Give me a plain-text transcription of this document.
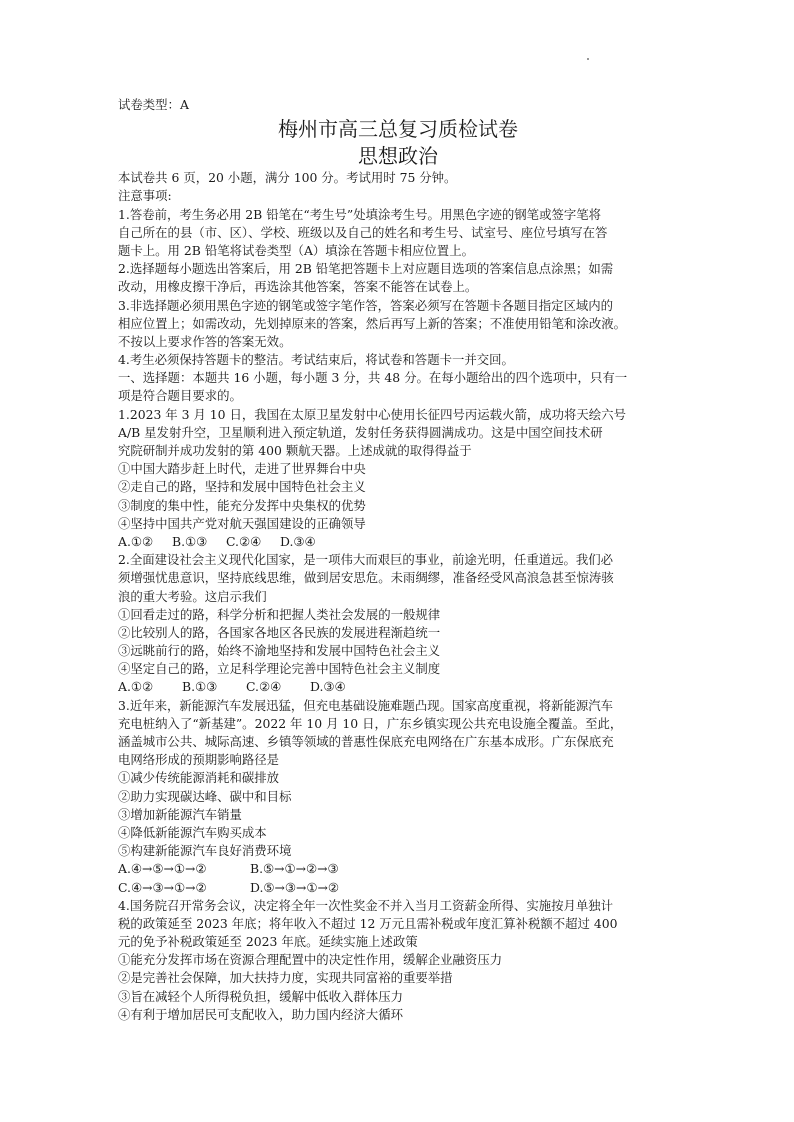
试卷类型：A
梅州市高三总复习质检试卷
思想政治
本试卷共 6 页，20 小题，满分 100 分。考试用时 75 分钟。
注意事项:
1.答卷前，考生务必用 2B 铅笔在“考生号”处填涂考生号。用黑色字迹的钢笔或签字笔将
自己所在的县（市、区）、学校、班级以及自己的姓名和考生号、试室号、座位号填写在答
题卡上。用 2B 铅笔将试卷类型（A）填涂在答题卡相应位置上。
2.选择题每小题选出答案后，用 2B 铅笔把答题卡上对应题目选项的答案信息点涂黑；如需
改动，用橡皮擦干净后，再选涂其他答案，答案不能答在试卷上。
3.非选择题必须用黑色字迹的钢笔或签字笔作答，答案必须写在答题卡各题目指定区域内的
相应位置上；如需改动，先划掉原来的答案，然后再写上新的答案；不准使用铅笔和涂改液。
不按以上要求作答的答案无效。
4.考生必须保持答题卡的整洁。考试结束后，将试卷和答题卡一并交回。
一、选择题：本题共 16 小题，每小题 3 分，共 48 分。在每小题给出的四个选项中，只有一
项是符合题目要求的。
1.2023 年 3 月 10 日，我国在太原卫星发射中心使用长征四号丙运载火箭，成功将天绘六号
A/B 星发射升空，卫星顺利进入预定轨道，发射任务获得圆满成功。这是中国空间技术研
究院研制并成功发射的第 400 颗航天器。上述成就的取得得益于
①中国大踏步赶上时代，走进了世界舞台中央
②走自己的路，坚持和发展中国特色社会主义
③制度的集中性，能充分发挥中央集权的优势
④坚持中国共产党对航天强国建设的正确领导
A.①② B.①③ C.②④ D.③④
2.全面建设社会主义现代化国家，是一项伟大而艰巨的事业，前途光明，任重道远。我们必
须增强忧患意识，坚持底线思维，做到居安思危。未雨绸缪，准备经受风高浪急甚至惊涛骇
浪的重大考验。这启示我们
①回看走过的路，科学分析和把握人类社会发展的一般规律
②比较别人的路，各国家各地区各民族的发展进程渐趋统一
③远眺前行的路，始终不渝地坚持和发展中国特色社会主义
④坚定自己的路，立足科学理论完善中国特色社会主义制度
A.①② B.①③ C.②④ D.③④
3.近年来，新能源汽车发展迅猛，但充电基础设施难题凸现。国家高度重视，将新能源汽车
充电桩纳入了“新基建”。2022 年 10 月 10 日，广东乡镇实现公共充电设施全覆盖。至此，
涵盖城市公共、城际高速、乡镇等领域的普惠性保底充电网络在广东基本成形。广东保底充
电网络形成的预期影响路径是
①减少传统能源消耗和碳排放
②助力实现碳达峰、碳中和目标
③增加新能源汽车销量
④降低新能源汽车购买成本
⑤构建新能源汽车良好消费环境
A.④→⑤→①→②	B.⑤→①→②→③
C.④→③→①→②	D.⑤→③→①→②
4.国务院召开常务会议，决定将全年一次性奖金不并入当月工资薪金所得、实施按月单独计
税的政策延至 2023 年底；将年收入不超过 12 万元且需补税或年度汇算补税额不超过 400
元的免予补税政策延至 2023 年底。延续实施上述政策
①能充分发挥市场在资源合理配置中的决定性作用，缓解企业融资压力
②是完善社会保障，加大扶持力度，实现共同富裕的重要举措
③旨在减轻个人所得税负担，缓解中低收入群体压力
④有利于增加居民可支配收入，助力国内经济大循环
